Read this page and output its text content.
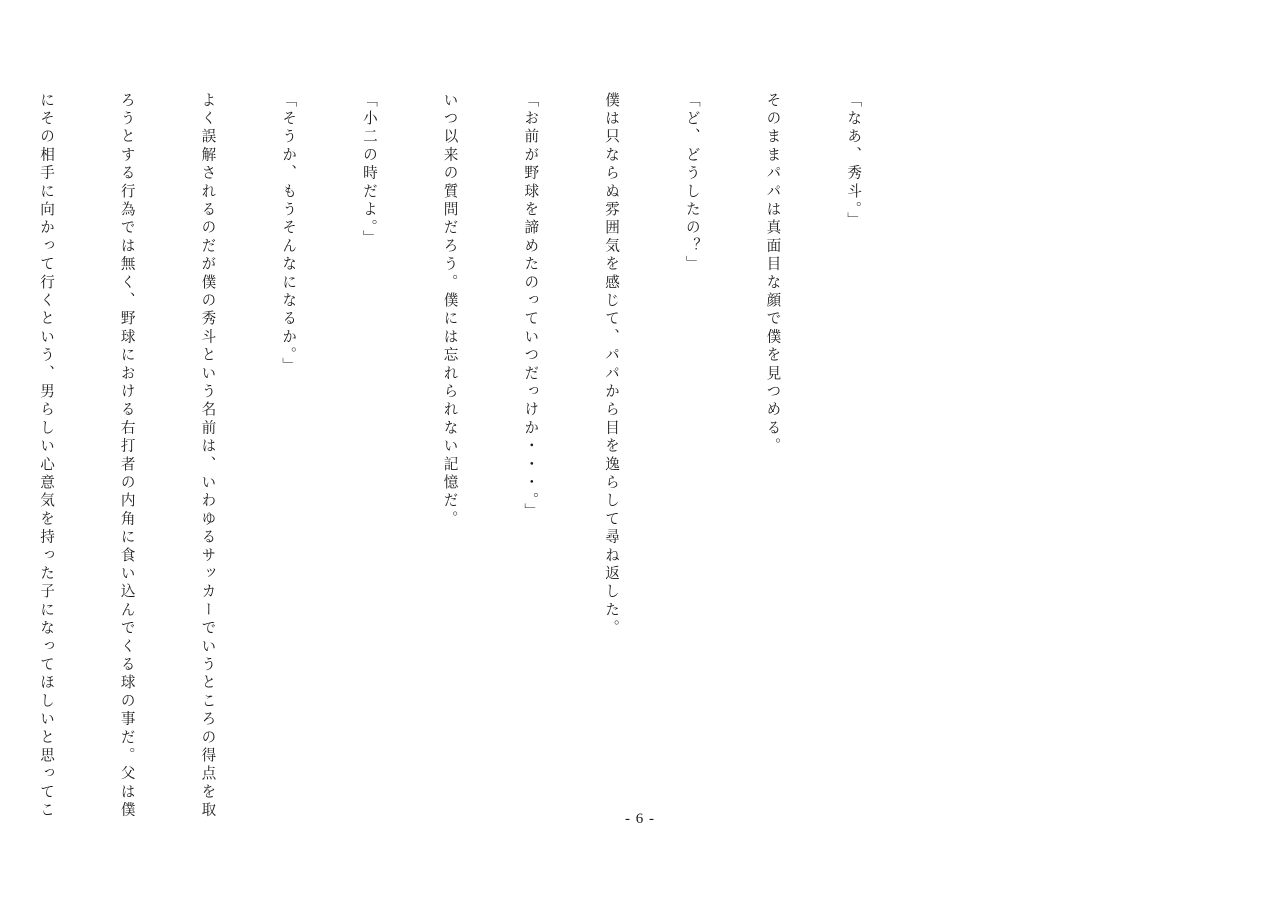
「なあ、秀斗。」

そのままパパは真面目な顔で僕を見つめる。

「ど、どうしたの？」

僕は只ならぬ雰囲気を感じて、パパから目を逸らして尋ね返した。

「お前が野球を諦めたのっていつだっけか・・・。」

いつ以来の質問だろう。僕には忘れられない記憶だ。

「小二の時だよ。」

「そうか、もうそんなになるか。」

よく誤解されるのだが僕の秀斗という名前は、いわゆるサッカーでいうところの得点を取

ろうとする行為では無く、野球における右打者の内角に食い込んでくる球の事だ。父は僕

にその相手に向かって行くという、男らしい心意気を持った子になってほしいと思ってこ

	- 6 -
